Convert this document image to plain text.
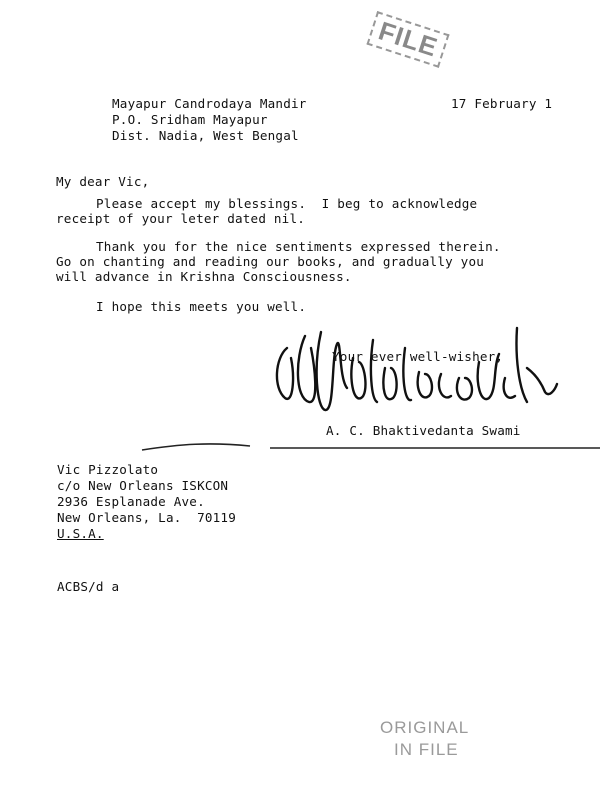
FILE
Mayapur Candrodaya Mandir
P.O. Sridham Mayapur
Dist. Nadia, West Bengal
17 February 1
My dear Vic,
Please accept my blessings.  I beg to acknowledge
receipt of your leter dated nil.
Thank you for the nice sentiments expressed therein.
Go on chanting and reading our books, and gradually you
will advance in Krishna Consciousness.
I hope this meets you well.
Your ever well-wisher,
A. C. Bhaktivedanta Swami
Vic Pizzolato
c/o New Orleans ISKCON
2936 Esplanade Ave.
New Orleans, La.  70119
U.S.A.
ACBS/d a
ORIGINAL
IN FILE
